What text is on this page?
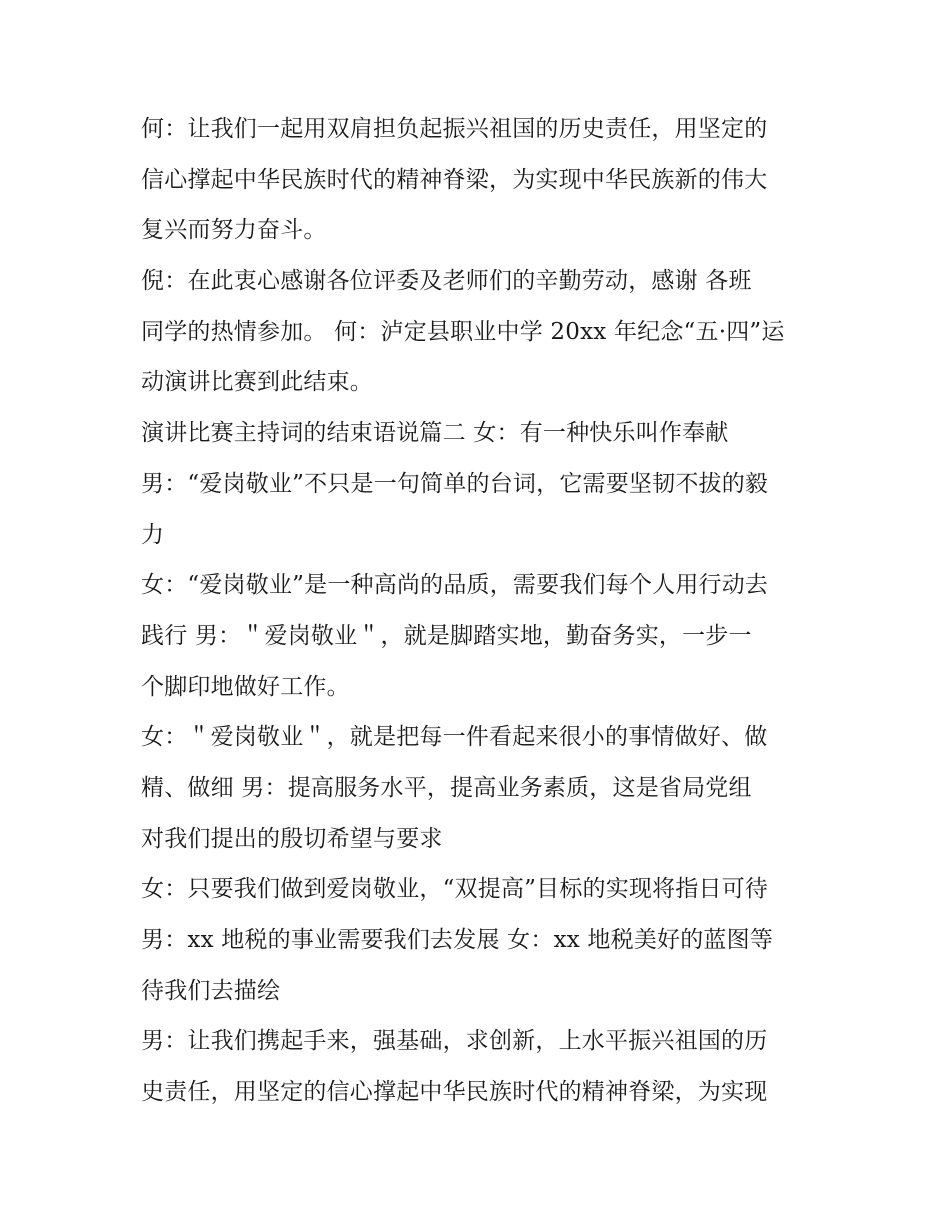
何：让我们一起用双肩担负起振兴祖国的历史责任，用坚定的
信心撑起中华民族时代的精神脊梁，为实现中华民族新的伟大
复兴而努力奋斗。
倪：在此衷心感谢各位评委及老师们的辛勤劳动，感谢 各班
同学的热情参加。 何：泸定县职业中学 20xx 年纪念“五·四”运
动演讲比赛到此结束。
演讲比赛主持词的结束语说篇二 女：有一种快乐叫作奉献
男：“爱岗敬业”不只是一句简单的台词，它需要坚韧不拔的毅
力
女：“爱岗敬业”是一种高尚的品质，需要我们每个人用行动去
践行 男：＂爱岗敬业＂，就是脚踏实地，勤奋务实，一步一
个脚印地做好工作。
女：＂爱岗敬业＂，就是把每一件看起来很小的事情做好、做
精、做细 男：提高服务水平，提高业务素质，这是省局党组
对我们提出的殷切希望与要求
女：只要我们做到爱岗敬业，“双提高”目标的实现将指日可待
男：xx 地税的事业需要我们去发展 女：xx 地税美好的蓝图等
待我们去描绘
男：让我们携起手来，强基础，求创新，上水平振兴祖国的历
史责任，用坚定的信心撑起中华民族时代的精神脊梁，为实现
